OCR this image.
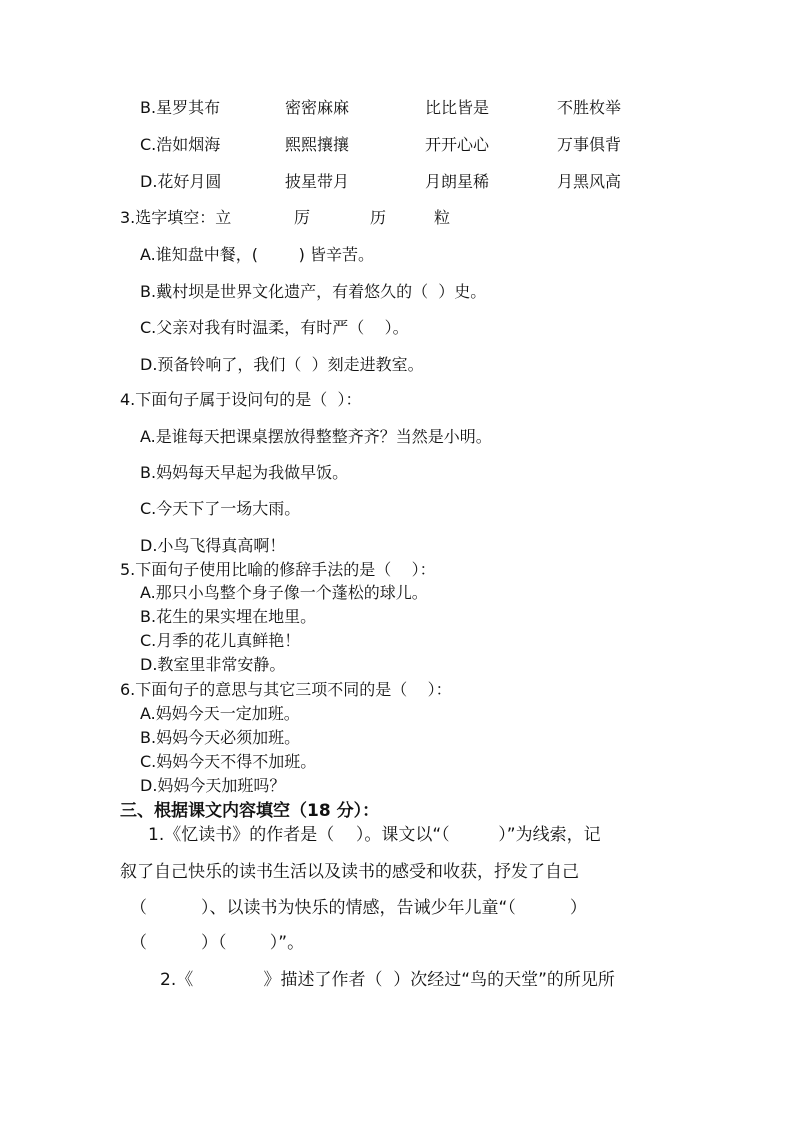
B.星罗其布	密密麻麻	比比皆是	不胜枚举
C.浩如烟海	熙熙攘攘	开开心心	万事俱背
D.花好月圆	披星带月	月朗星稀	月黑风高
3.选字填空：立	厉	历	粒
A.谁知盘中餐，(        ) 皆辛苦。
B.戴村坝是世界文化遗产，有着悠久的（  ）史。
C.父亲对我有时温柔，有时严（    ）。
D.预备铃响了，我们（  ）刻走进教室。
4.下面句子属于设问句的是（  ）：
A.是谁每天把课桌摆放得整整齐齐？当然是小明。
B.妈妈每天早起为我做早饭。
C.今天下了一场大雨。
D.小鸟飞得真高啊！
5.下面句子使用比喻的修辞手法的是（    ）：
A.那只小鸟整个身子像一个蓬松的球儿。
B.花生的果实埋在地里。
C.月季的花儿真鲜艳！
D.教室里非常安静。
6.下面句子的意思与其它三项不同的是（    ）：
A.妈妈今天一定加班。
B.妈妈今天必须加班。
C.妈妈今天不得不加班。
D.妈妈今天加班吗？
三、根据课文内容填空（18 分）：
1.《忆读书》的作者是（    ）。课文以“（         ）”为线索，记
叙了自己快乐的读书生活以及读书的感受和收获，抒发了自己
（          ）、以读书为快乐的情感，告诫少年儿童“（          ）
（          ）（        ）”。
2.《             》描述了作者（  ）次经过“鸟的天堂”的所见所
